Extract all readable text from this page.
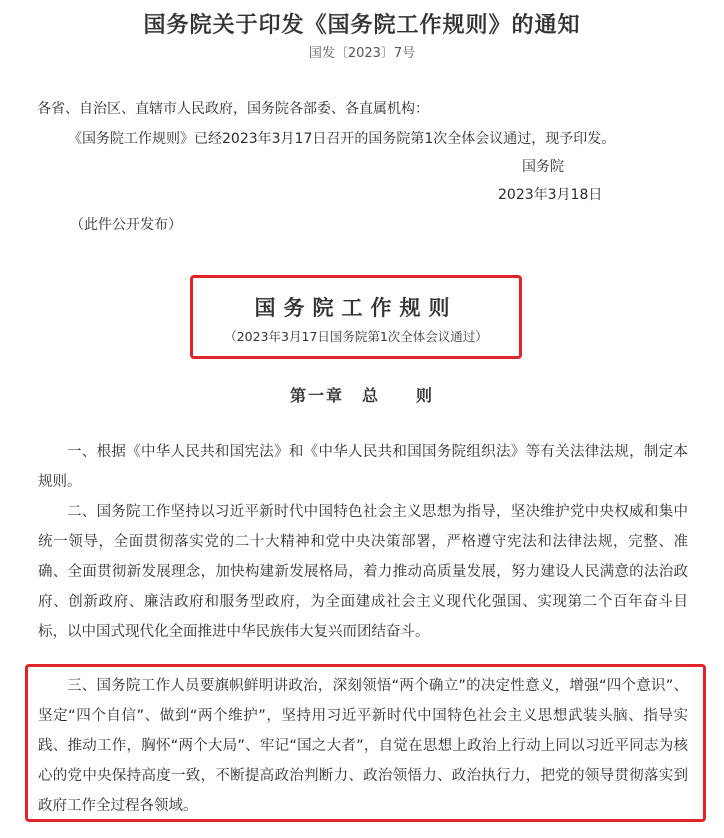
国务院关于印发《国务院工作规则》的通知
国发〔2023〕7号
各省、自治区、直辖市人民政府，国务院各部委、各直属机构：
《国务院工作规则》已经2023年3月17日召开的国务院第1次全体会议通过，现予印发。
国务院
2023年3月18日
（此件公开发布）
国务院工作规则
（2023年3月17日国务院第1次全体会议通过）
第一章　总　　则

一、根据《中华人民共和国宪法》和《中华人民共和国国务院组织法》等有关法律法规，制定本规则。

二、国务院工作坚持以习近平新时代中国特色社会主义思想为指导，坚决维护党中央权威和集中统一领导，全面贯彻落实党的二十大精神和党中央决策部署，严格遵守宪法和法律法规，完整、准确、全面贯彻新发展理念，加快构建新发展格局，着力推动高质量发展，努力建设人民满意的法治政府、创新政府、廉洁政府和服务型政府，为全面建成社会主义现代化强国、实现第二个百年奋斗目标，以中国式现代化全面推进中华民族伟大复兴而团结奋斗。

三、国务院工作人员要旗帜鲜明讲政治，深刻领悟“两个确立”的决定性意义，增强“四个意识”、坚定“四个自信”、做到“两个维护”，坚持用习近平新时代中国特色社会主义思想武装头脑、指导实践、推动工作，胸怀“两个大局”、牢记“国之大者”，自觉在思想上政治上行动上同以习近平同志为核心的党中央保持高度一致，不断提高政治判断力、政治领悟力、政治执行力，把党的领导贯彻落实到政府工作全过程各领域。
